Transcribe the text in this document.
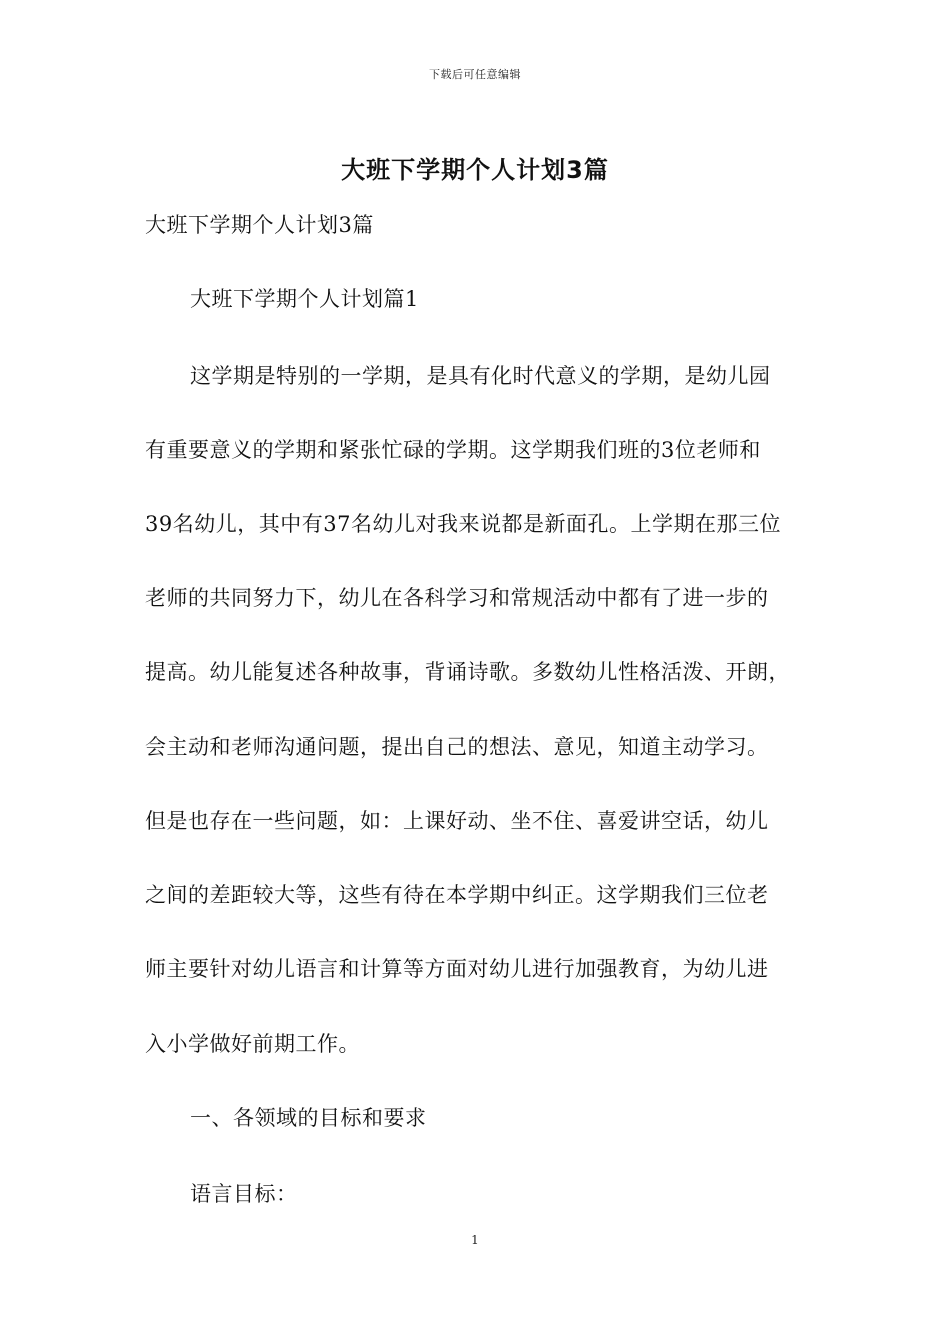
下载后可任意编辑
大班下学期个人计划3篇
大班下学期个人计划3篇
大班下学期个人计划篇1
这学期是特别的一学期，是具有化时代意义的学期，是幼儿园
有重要意义的学期和紧张忙碌的学期。这学期我们班的3位老师和
39名幼儿，其中有37名幼儿对我来说都是新面孔。上学期在那三位
老师的共同努力下，幼儿在各科学习和常规活动中都有了进一步的
提高。幼儿能复述各种故事，背诵诗歌。多数幼儿性格活泼、开朗，
会主动和老师沟通问题，提出自己的想法、意见，知道主动学习。
但是也存在一些问题，如：上课好动、坐不住、喜爱讲空话，幼儿
之间的差距较大等，这些有待在本学期中纠正。这学期我们三位老
师主要针对幼儿语言和计算等方面对幼儿进行加强教育，为幼儿进
入小学做好前期工作。
一、各领域的目标和要求
语言目标：
1
